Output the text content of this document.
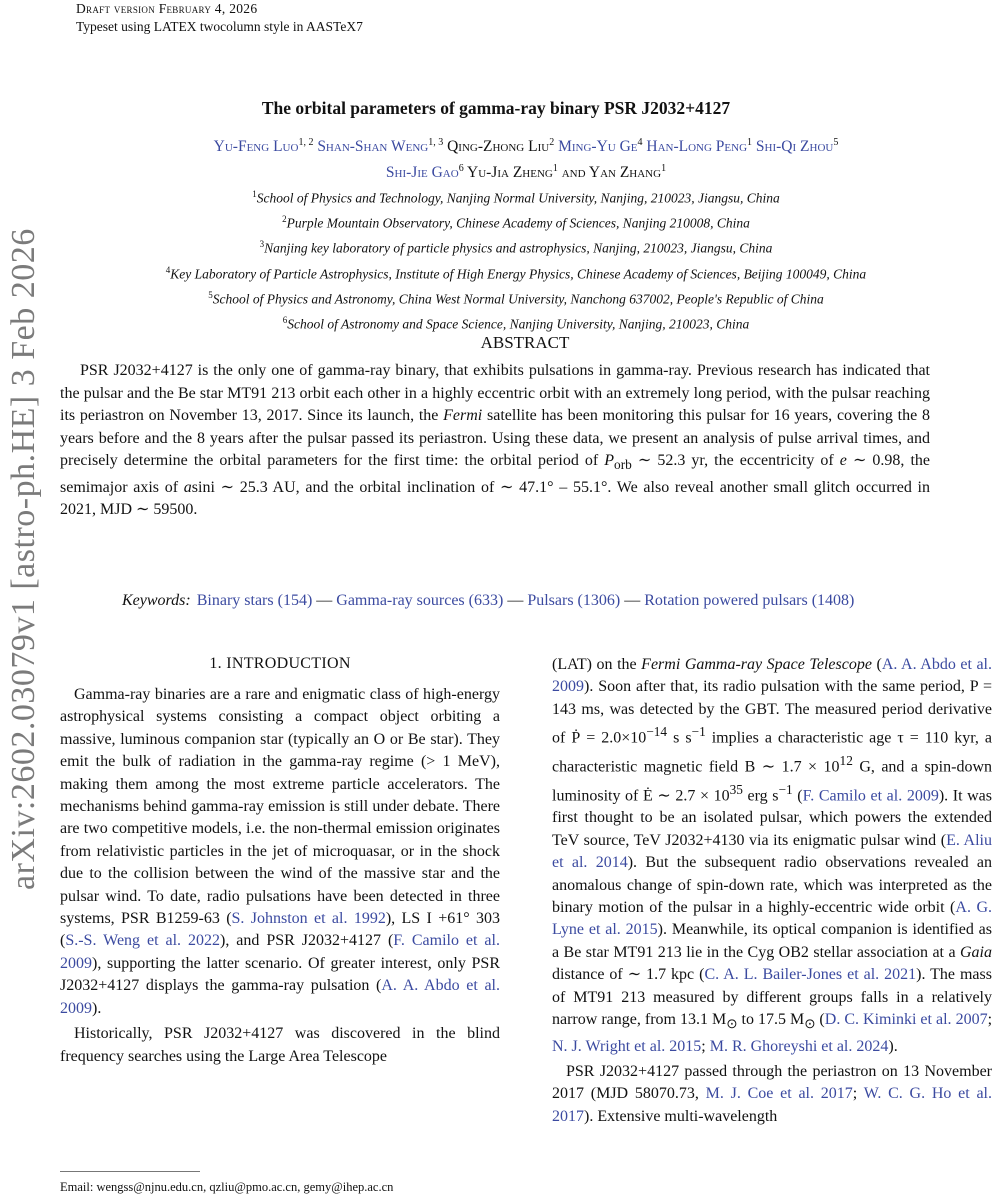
Draft version February 4, 2026
Typeset using LATEX twocolumn style in AASTeX7
arXiv:2602.03079v1 [astro-ph.HE] 3 Feb 2026
The orbital parameters of gamma-ray binary PSR J2032+4127
Yu-Feng Luo$^{1, 2}$ Shan-Shan Weng$^{1, 3}$ Qing-Zhong Liu$^2$ Ming-Yu Ge$^4$ Han-Long Peng$^1$ Shi-Qi Zhou$^5$
Shi-Jie Gao$^6$ Yu-Jia Zheng$^1$ and Yan Zhang$^1$
$^1$School of Physics and Technology, Nanjing Normal University, Nanjing, 210023, Jiangsu, China
$^2$Purple Mountain Observatory, Chinese Academy of Sciences, Nanjing 210008, China
$^3$Nanjing key laboratory of particle physics and astrophysics, Nanjing, 210023, Jiangsu, China
$^4$Key Laboratory of Particle Astrophysics, Institute of High Energy Physics, Chinese Academy of Sciences, Beijing 100049, China
$^5$School of Physics and Astronomy, China West Normal University, Nanchong 637002, People's Republic of China
$^6$School of Astronomy and Space Science, Nanjing University, Nanjing, 210023, China
ABSTRACT
PSR J2032+4127 is the only one of gamma-ray binary, that exhibits pulsations in gamma-ray. Previous research has indicated that the pulsar and the Be star MT91 213 orbit each other in a highly eccentric orbit with an extremely long period, with the pulsar reaching its periastron on November 13, 2017. Since its launch, the Fermi satellite has been monitoring this pulsar for 16 years, covering the 8 years before and the 8 years after the pulsar passed its periastron. Using these data, we present an analysis of pulse arrival times, and precisely determine the orbital parameters for the first time: the orbital period of $P_{orb}$ ∼ 52.3 yr, the eccentricity of e ∼ 0.98, the semimajor axis of asini ∼ 25.3 AU, and the orbital inclination of ∼ 47.1° – 55.1°. We also reveal another small glitch occurred in 2021, MJD ∼ 59500.
Keywords: Binary stars (154) — Gamma-ray sources (633) — Pulsars (1306) — Rotation powered pulsars (1408)
1. INTRODUCTION

Gamma-ray binaries are a rare and enigmatic class of high-energy astrophysical systems consisting a compact object orbiting a massive, luminous companion star (typically an O or Be star). They emit the bulk of radiation in the gamma-ray regime (> 1 MeV), making them among the most extreme particle accelerators. The mechanisms behind gamma-ray emission is still under debate. There are two competitive models, i.e. the non-thermal emission originates from relativistic particles in the jet of microquasar, or in the shock due to the collision between the wind of the massive star and the pulsar wind. To date, radio pulsations have been detected in three systems, PSR B1259-63 (S. Johnston et al. 1992), LS I +61° 303 (S.-S. Weng et al. 2022), and PSR J2032+4127 (F. Camilo et al. 2009), supporting the latter scenario. Of greater interest, only PSR J2032+4127 displays the gamma-ray pulsation (A. A. Abdo et al. 2009).

Historically, PSR J2032+4127 was discovered in the blind frequency searches using the Large Area Telescope

(LAT) on the Fermi Gamma-ray Space Telescope (A. A. Abdo et al. 2009). Soon after that, its radio pulsation with the same period, P = 143 ms, was detected by the GBT. The measured period derivative of Ṗ = $2.0\times 10^{-14}$ s $s^{-1}$ implies a characteristic age τ = 110 kyr, a characteristic magnetic field B ∼ $1.7 \times 10^{12}$ G, and a spin-down luminosity of Ė ∼ $2.7 \times 10^{35}$ erg $s^{-1}$ (F. Camilo et al. 2009). It was first thought to be an isolated pulsar, which powers the extended TeV source, TeV J2032+4130 via its enigmatic pulsar wind (E. Aliu et al. 2014). But the subsequent radio observations revealed an anomalous change of spin-down rate, which was interpreted as the binary motion of the pulsar in a highly-eccentric wide orbit (A. G. Lyne et al. 2015). Meanwhile, its optical companion is identified as a Be star MT91 213 lie in the Cyg OB2 stellar association at a Gaia distance of ∼ 1.7 kpc (C. A. L. Bailer-Jones et al. 2021). The mass of MT91 213 measured by different groups falls in a relatively narrow range, from 13.1 $M_⊙$ to 17.5 $M_⊙$ (D. C. Kiminki et al. 2007; N. J. Wright et al. 2015; M. R. Ghoreyshi et al. 2024).

PSR J2032+4127 passed through the periastron on 13 November 2017 (MJD 58070.73, M. J. Coe et al. 2017; W. C. G. Ho et al. 2017). Extensive multi-wavelength

Email: wengss@njnu.edu.cn, qzliu@pmo.ac.cn, gemy@ihep.ac.cn
